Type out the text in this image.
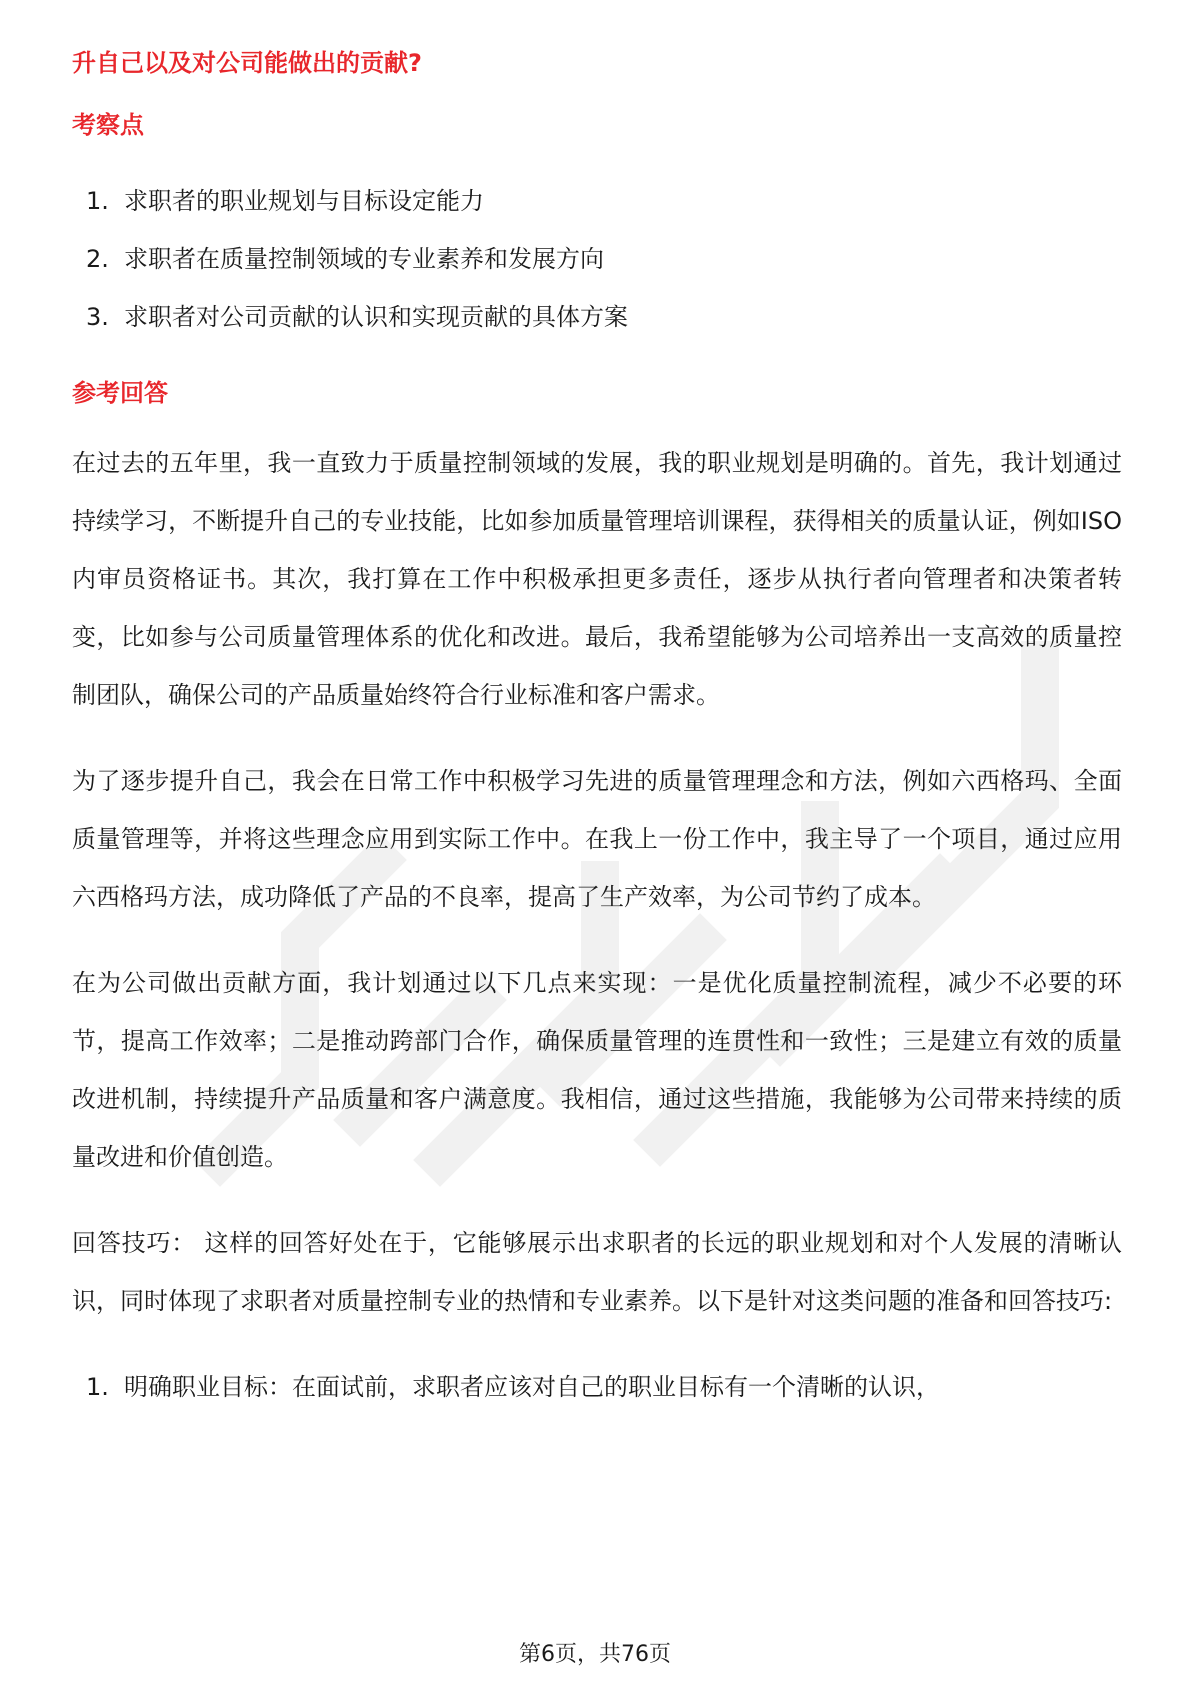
升自己以及对公司能做出的贡献?
考察点
1. 求职者的职业规划与目标设定能力
2. 求职者在质量控制领域的专业素养和发展方向
3. 求职者对公司贡献的认识和实现贡献的具体方案
参考回答

在过去的五年里，我一直致力于质量控制领域的发展，我的职业规划是明确的。首先，我计划通过持续学习，不断提升自己的专业技能，比如参加质量管理培训课程，获得相关的质量认证，例如ISO内审员资格证书。其次，我打算在工作中积极承担更多责任，逐步从执行者向管理者和决策者转变，比如参与公司质量管理体系的优化和改进。最后，我希望能够为公司培养出一支高效的质量控制团队，确保公司的产品质量始终符合行业标准和客户需求。

为了逐步提升自己，我会在日常工作中积极学习先进的质量管理理念和方法，例如六西格玛、全面质量管理等，并将这些理念应用到实际工作中。在我上一份工作中，我主导了一个项目，通过应用六西格玛方法，成功降低了产品的不良率，提高了生产效率，为公司节约了成本。

在为公司做出贡献方面，我计划通过以下几点来实现：一是优化质量控制流程，减少不必要的环节，提高工作效率；二是推动跨部门合作，确保质量管理的连贯性和一致性；三是建立有效的质量改进机制，持续提升产品质量和客户满意度。我相信，通过这些措施，我能够为公司带来持续的质量改进和价值创造。

回答技巧： 这样的回答好处在于，它能够展示出求职者的长远的职业规划和对个人发展的清晰认识，同时体现了求职者对质量控制专业的热情和专业素养。以下是针对这类问题的准备和回答技巧:

1. 明确职业目标：在面试前，求职者应该对自己的职业目标有一个清晰的认识，
第6页，共76页
